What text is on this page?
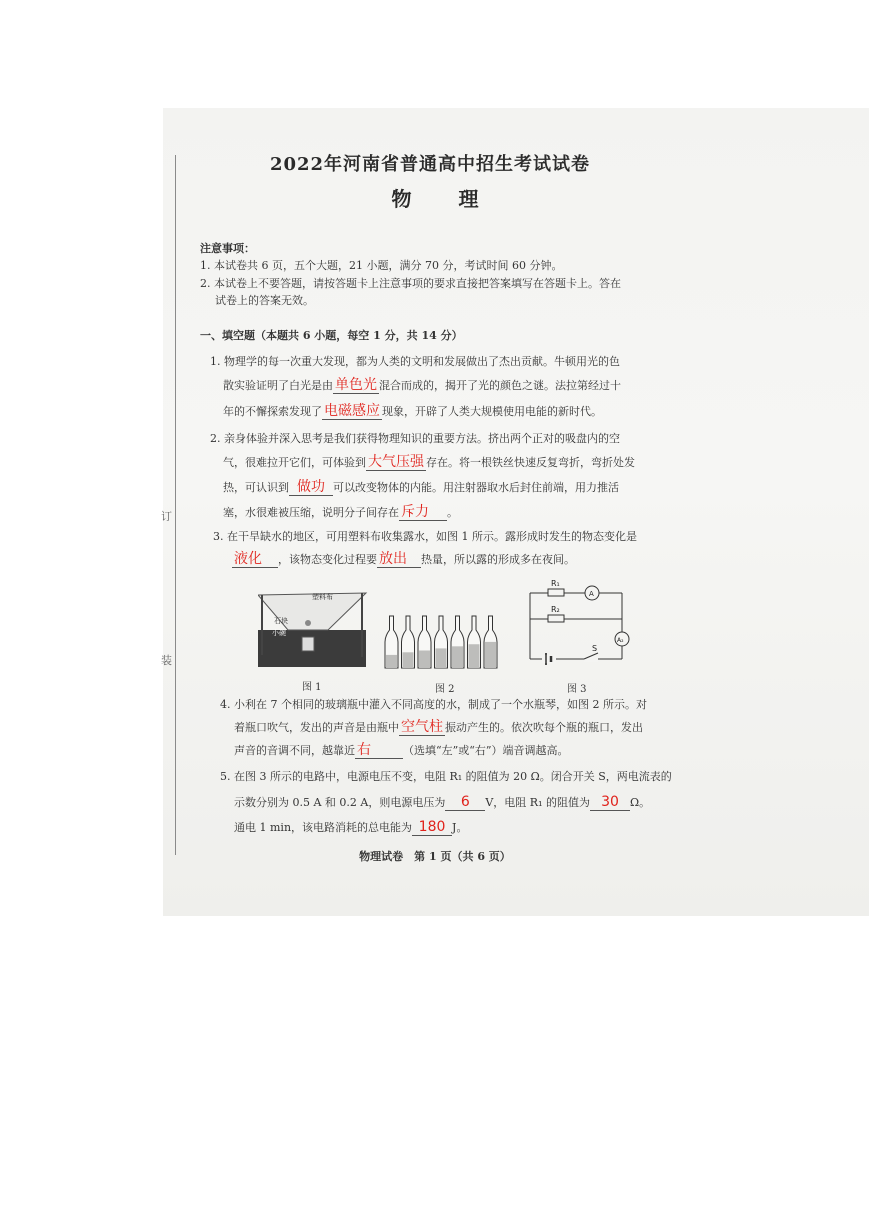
订
装
2022年河南省普通高中招生考试试卷
物 理
注意事项：
1. 本试卷共 6 页，五个大题，21 小题，满分 70 分，考试时间 60 分钟。
2. 本试卷上不要答题，请按答题卡上注意事项的要求直接把答案填写在答题卡上。答在
试卷上的答案无效。
一、填空题（本题共 6 小题，每空 1 分，共 14 分）
1. 物理学的每一次重大发现，都为人类的文明和发展做出了杰出贡献。牛顿用光的色
散实验证明了白光是由 单色光 混合而成的，揭开了光的颜色之谜。法拉第经过十
年的不懈探索发现了 电磁感应 现象，开辟了人类大规模使用电能的新时代。
2. 亲身体验并深入思考是我们获得物理知识的重要方法。挤出两个正对的吸盘内的空
气，很难拉开它们，可体验到 大气压强 存在。将一根铁丝快速反复弯折，弯折处发
热，可认识到 做功 可以改变物体的内能。用注射器取水后封住前端，用力推活
塞，水很难被压缩，说明分子间存在 斥力 。
3. 在干旱缺水的地区，可用塑料布收集露水，如图 1 所示。露形成时发生的物态变化是
液化 ，该物态变化过程要 放出 热量，所以露的形成多在夜间。
塑料布
石块
小碗
R₁
R₂
A
A₂
S
图 1	图 2	图 3
4. 小利在 7 个相同的玻璃瓶中灌入不同高度的水，制成了一个水瓶琴，如图 2 所示。对
着瓶口吹气，发出的声音是由瓶中 空气柱 振动产生的。依次吹每个瓶的瓶口，发出
声音的音调不同，越靠近 右	（选填“左”或“右”）端音调越高。
5. 在图 3 所示的电路中，电源电压不变，电阻 R₁ 的阻值为 20 Ω。闭合开关 S，两电流表的
示数分别为 0.5 A 和 0.2 A，则电源电压为 6 V，电阻 R₁ 的阻值为 30 Ω。
通电 1 min，该电路消耗的总电能为 180 J。
物理试卷　第 1 页（共 6 页）
